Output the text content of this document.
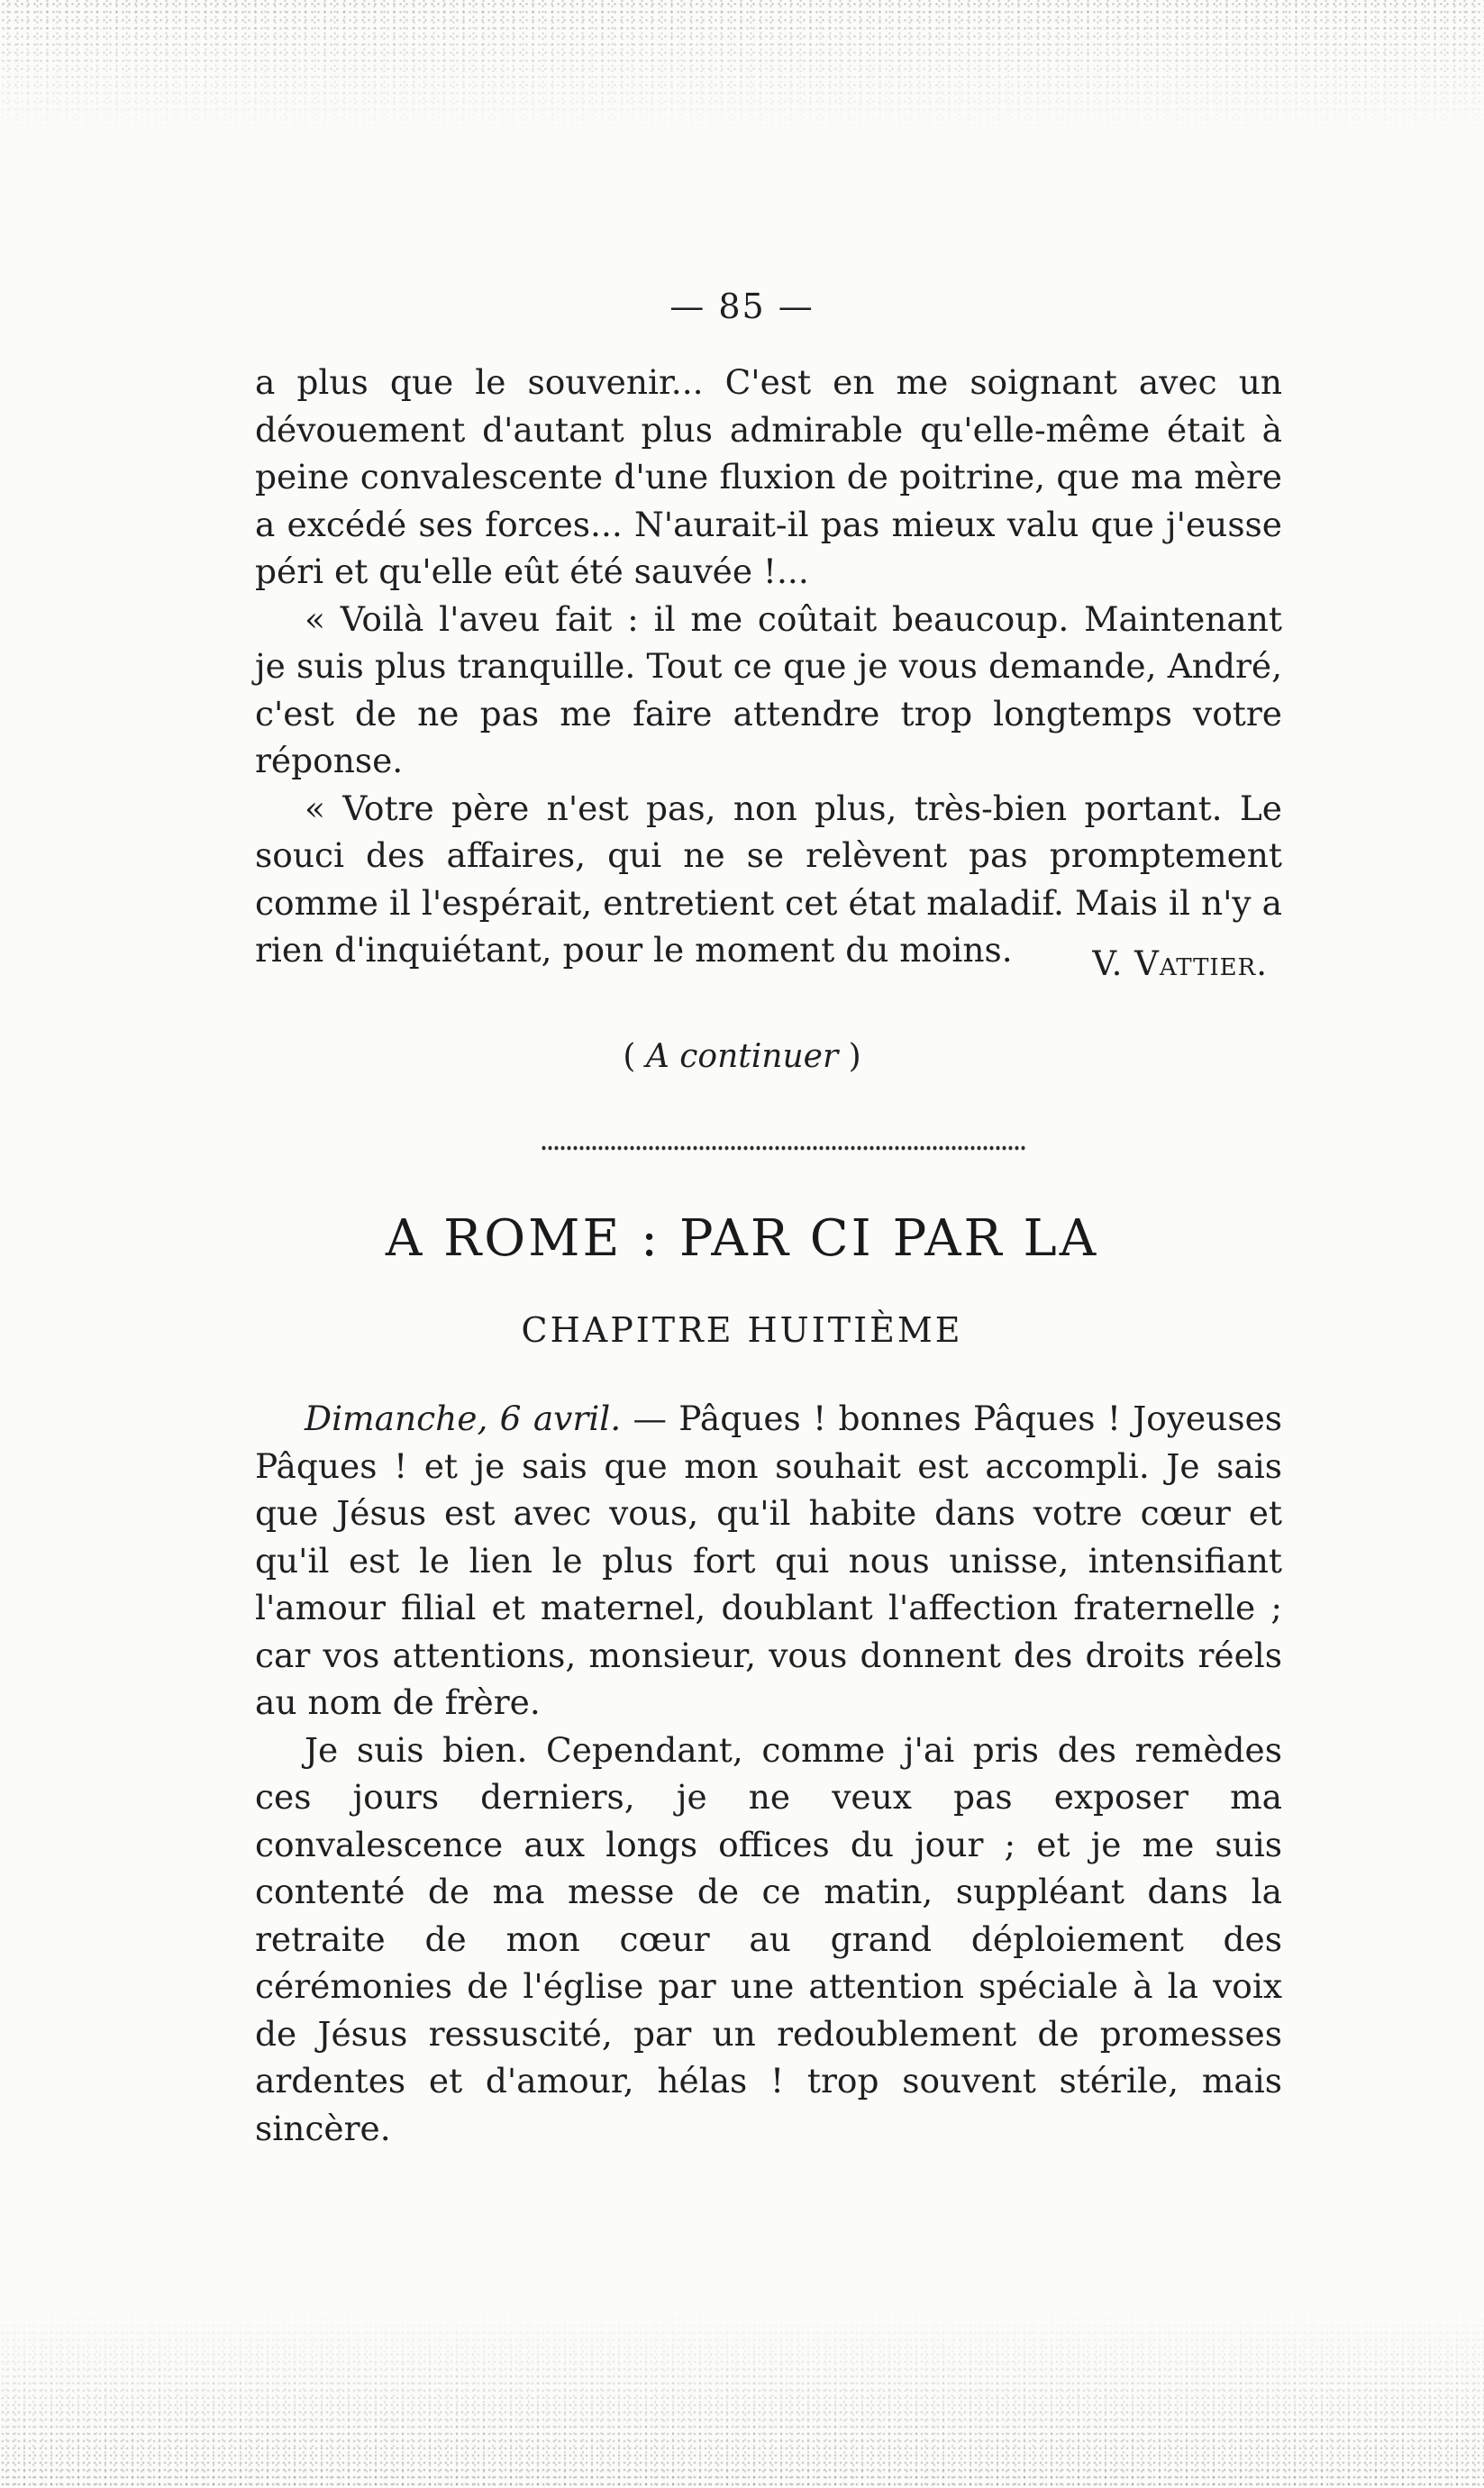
— 85 —

a plus que le souvenir... C'est en me soignant avec un dévouement d'autant plus admirable qu'elle-même était à peine convalescente d'une fluxion de poitrine, que ma mère a excédé ses forces... N'aurait-il pas mieux valu que j'eusse péri et qu'elle eût été sauvée !...

« Voilà l'aveu fait : il me coûtait beaucoup. Maintenant je suis plus tranquille. Tout ce que je vous demande, André, c'est de ne pas me faire attendre trop longtemps votre réponse.

« Votre père n'est pas, non plus, très-bien portant. Le souci des affaires, qui ne se relèvent pas promptement comme il l'espérait, entretient cet état maladif. Mais il n'y a rien d'inquiétant, pour le moment du moins.	V. Vattier.
( A continuer )
A ROME : PAR CI PAR LA
CHAPITRE HUITIÈME

Dimanche, 6 avril. — Pâques ! bonnes Pâques ! Joyeuses Pâques ! et je sais que mon souhait est accompli. Je sais que Jésus est avec vous, qu'il habite dans votre cœur et qu'il est le lien le plus fort qui nous unisse, intensifiant l'amour filial et maternel, doublant l'affection fraternelle ; car vos attentions, monsieur, vous donnent des droits réels au nom de frère.

Je suis bien. Cependant, comme j'ai pris des remèdes ces jours derniers, je ne veux pas exposer ma convalescence aux longs offices du jour ; et je me suis contenté de ma messe de ce matin, suppléant dans la retraite de mon cœur au grand déploiement des cérémonies de l'église par une attention spéciale à la voix de Jésus ressuscité, par un redoublement de promesses ardentes et d'amour, hélas ! trop souvent stérile, mais sincère.
